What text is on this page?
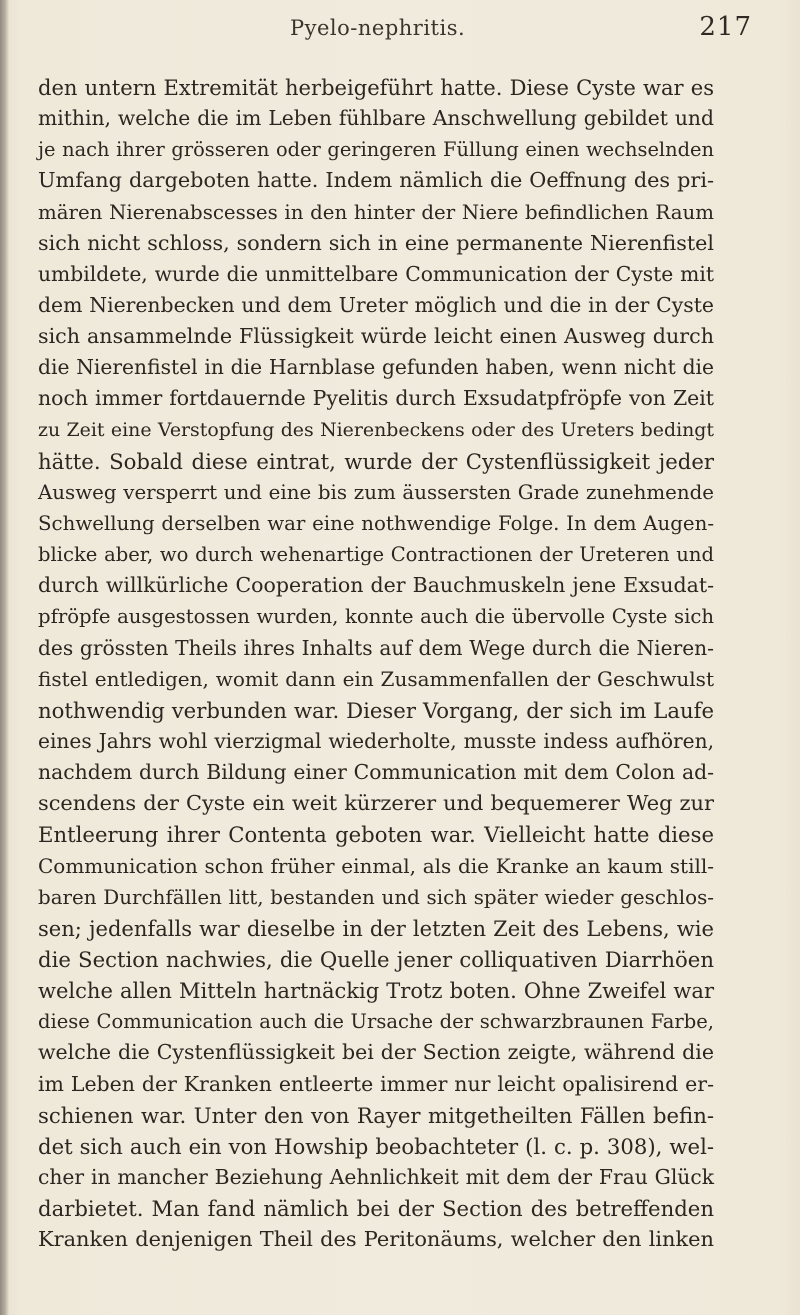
Pyelo-nephritis.	217
den untern Extremität herbeigeführt hatte. Diese Cyste war es
mithin, welche die im Leben fühlbare Anschwellung gebildet und
je nach ihrer grösseren oder geringeren Füllung einen wechselnden
Umfang dargeboten hatte. Indem nämlich die Oeffnung des pri-
mären Nierenabscesses in den hinter der Niere befindlichen Raum
sich nicht schloss, sondern sich in eine permanente Nierenfistel
umbildete, wurde die unmittelbare Communication der Cyste mit
dem Nierenbecken und dem Ureter möglich und die in der Cyste
sich ansammelnde Flüssigkeit würde leicht einen Ausweg durch
die Nierenfistel in die Harnblase gefunden haben, wenn nicht die
noch immer fortdauernde Pyelitis durch Exsudatpfröpfe von Zeit
zu Zeit eine Verstopfung des Nierenbeckens oder des Ureters bedingt
hätte. Sobald diese eintrat, wurde der Cystenflüssigkeit jeder
Ausweg versperrt und eine bis zum äussersten Grade zunehmende
Schwellung derselben war eine nothwendige Folge. In dem Augen-
blicke aber, wo durch wehenartige Contractionen der Ureteren und
durch willkürliche Cooperation der Bauchmuskeln jene Exsudat-
pfröpfe ausgestossen wurden, konnte auch die übervolle Cyste sich
des grössten Theils ihres Inhalts auf dem Wege durch die Nieren-
fistel entledigen, womit dann ein Zusammenfallen der Geschwulst
nothwendig verbunden war. Dieser Vorgang, der sich im Laufe
eines Jahrs wohl vierzigmal wiederholte, musste indess aufhören,
nachdem durch Bildung einer Communication mit dem Colon ad-
scendens der Cyste ein weit kürzerer und bequemerer Weg zur
Entleerung ihrer Contenta geboten war. Vielleicht hatte diese
Communication schon früher einmal, als die Kranke an kaum still-
baren Durchfällen litt, bestanden und sich später wieder geschlos-
sen; jedenfalls war dieselbe in der letzten Zeit des Lebens, wie
die Section nachwies, die Quelle jener colliquativen Diarrhöen
welche allen Mitteln hartnäckig Trotz boten. Ohne Zweifel war
diese Communication auch die Ursache der schwarzbraunen Farbe,
welche die Cystenflüssigkeit bei der Section zeigte, während die
im Leben der Kranken entleerte immer nur leicht opalisirend er-
schienen war. Unter den von Rayer mitgetheilten Fällen befin-
det sich auch ein von Howship beobachteter (l. c. p. 308), wel-
cher in mancher Beziehung Aehnlichkeit mit dem der Frau Glück
darbietet. Man fand nämlich bei der Section des betreffenden
Kranken denjenigen Theil des Peritonäums, welcher den linken
